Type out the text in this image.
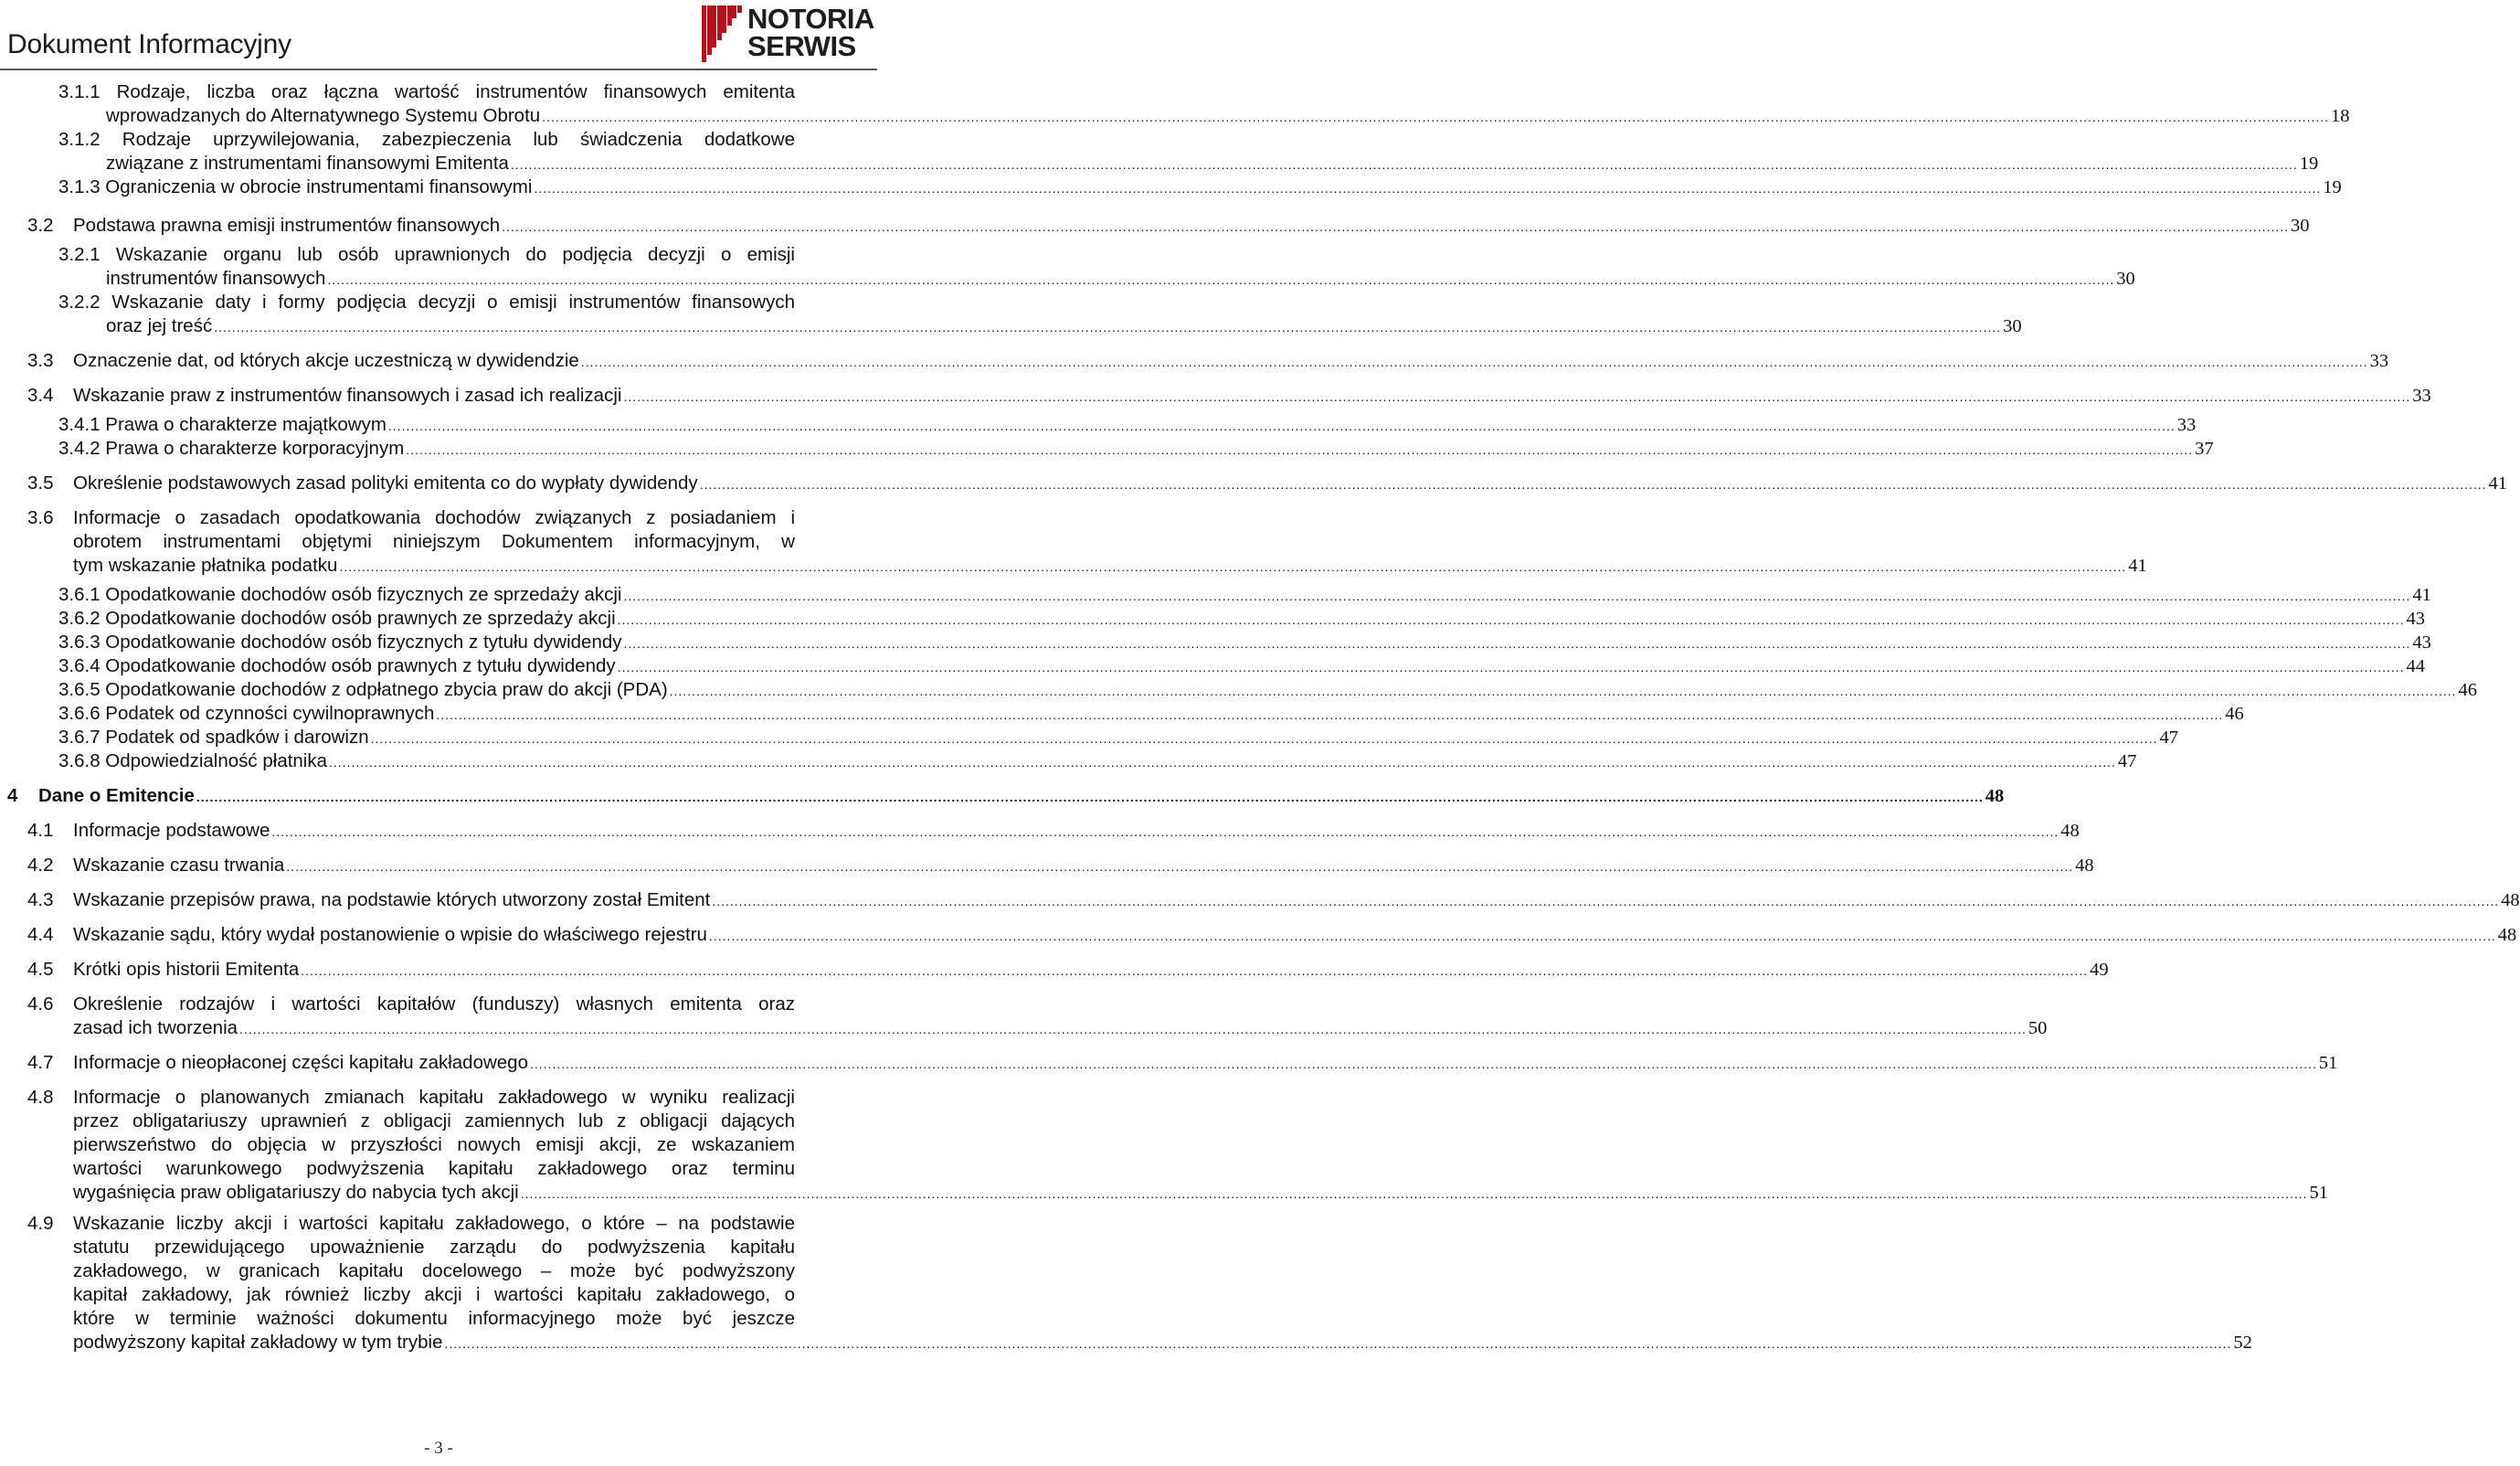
Dokument Informacyjny
NOTORIA
SERWIS
3.1.1 Rodzaje, liczba oraz łączna wartość instrumentów finansowych emitenta
wprowadzanych do Alternatywnego Systemu Obrotu ................................................................................................................................................................................................................................................................................................................................................................................................................ 18
3.1.2 Rodzaje uprzywilejowania, zabezpieczenia lub świadczenia dodatkowe
związane z instrumentami finansowymi Emitenta ................................................................................................................................................................................................................................................................................................................................................................................................................ 19
3.1.3 Ograniczenia w obrocie instrumentami finansowymi ................................................................................................................................................................................................................................................................................................................................................................................................................ 19
3.2 Podstawa prawna emisji instrumentów finansowych ................................................................................................................................................................................................................................................................................................................................................................................................................ 30
3.2.1 Wskazanie organu lub osób uprawnionych do podjęcia decyzji o emisji
instrumentów finansowych ................................................................................................................................................................................................................................................................................................................................................................................................................ 30
3.2.2 Wskazanie daty i formy podjęcia decyzji o emisji instrumentów finansowych
oraz jej treść ................................................................................................................................................................................................................................................................................................................................................................................................................ 30
3.3 Oznaczenie dat, od których akcje uczestniczą w dywidendzie ................................................................................................................................................................................................................................................................................................................................................................................................................ 33
3.4 Wskazanie praw z instrumentów finansowych i zasad ich realizacji ................................................................................................................................................................................................................................................................................................................................................................................................................ 33
3.4.1 Prawa o charakterze majątkowym ................................................................................................................................................................................................................................................................................................................................................................................................................ 33
3.4.2 Prawa o charakterze korporacyjnym ................................................................................................................................................................................................................................................................................................................................................................................................................ 37
3.5 Określenie podstawowych zasad polityki emitenta co do wypłaty dywidendy ................................................................................................................................................................................................................................................................................................................................................................................................................ 41
3.6 Informacje o zasadach opodatkowania dochodów związanych z posiadaniem i
obrotem instrumentami objętymi niniejszym Dokumentem informacyjnym, w
tym wskazanie płatnika podatku ................................................................................................................................................................................................................................................................................................................................................................................................................ 41
3.6.1 Opodatkowanie dochodów osób fizycznych ze sprzedaży akcji ................................................................................................................................................................................................................................................................................................................................................................................................................ 41
3.6.2 Opodatkowanie dochodów osób prawnych ze sprzedaży akcji ................................................................................................................................................................................................................................................................................................................................................................................................................ 43
3.6.3 Opodatkowanie dochodów osób fizycznych z tytułu dywidendy ................................................................................................................................................................................................................................................................................................................................................................................................................ 43
3.6.4 Opodatkowanie dochodów osób prawnych z tytułu dywidendy ................................................................................................................................................................................................................................................................................................................................................................................................................ 44
3.6.5 Opodatkowanie dochodów z odpłatnego zbycia praw do akcji (PDA) ................................................................................................................................................................................................................................................................................................................................................................................................................ 46
3.6.6 Podatek od czynności cywilnoprawnych ................................................................................................................................................................................................................................................................................................................................................................................................................ 46
3.6.7 Podatek od spadków i darowizn ................................................................................................................................................................................................................................................................................................................................................................................................................ 47
3.6.8 Odpowiedzialność płatnika ................................................................................................................................................................................................................................................................................................................................................................................................................ 47
4 Dane o Emitencie ................................................................................................................................................................................................................................................................................................................................................................................................................ 48
4.1 Informacje podstawowe ................................................................................................................................................................................................................................................................................................................................................................................................................ 48
4.2 Wskazanie czasu trwania ................................................................................................................................................................................................................................................................................................................................................................................................................ 48
4.3 Wskazanie przepisów prawa, na podstawie których utworzony został Emitent ................................................................................................................................................................................................................................................................................................................................................................................................................ 48
4.4 Wskazanie sądu, który wydał postanowienie o wpisie do właściwego rejestru ................................................................................................................................................................................................................................................................................................................................................................................................................ 48
4.5 Krótki opis historii Emitenta ................................................................................................................................................................................................................................................................................................................................................................................................................ 49
4.6 Określenie rodzajów i wartości kapitałów (funduszy) własnych emitenta oraz
zasad ich tworzenia ................................................................................................................................................................................................................................................................................................................................................................................................................ 50
4.7 Informacje o nieopłaconej części kapitału zakładowego ................................................................................................................................................................................................................................................................................................................................................................................................................ 51
4.8 Informacje o planowanych zmianach kapitału zakładowego w wyniku realizacji
przez obligatariuszy uprawnień z obligacji zamiennych lub z obligacji dających
pierwszeństwo do objęcia w przyszłości nowych emisji akcji, ze wskazaniem
wartości warunkowego podwyższenia kapitału zakładowego oraz terminu
wygaśnięcia praw obligatariuszy do nabycia tych akcji ................................................................................................................................................................................................................................................................................................................................................................................................................ 51
4.9 Wskazanie liczby akcji i wartości kapitału zakładowego, o które – na podstawie
statutu przewidującego upoważnienie zarządu do podwyższenia kapitału
zakładowego, w granicach kapitału docelowego – może być podwyższony
kapitał zakładowy, jak również liczby akcji i wartości kapitału zakładowego, o
które w terminie ważności dokumentu informacyjnego może być jeszcze
podwyższony kapitał zakładowy w tym trybie ................................................................................................................................................................................................................................................................................................................................................................................................................ 52
- 3 -
